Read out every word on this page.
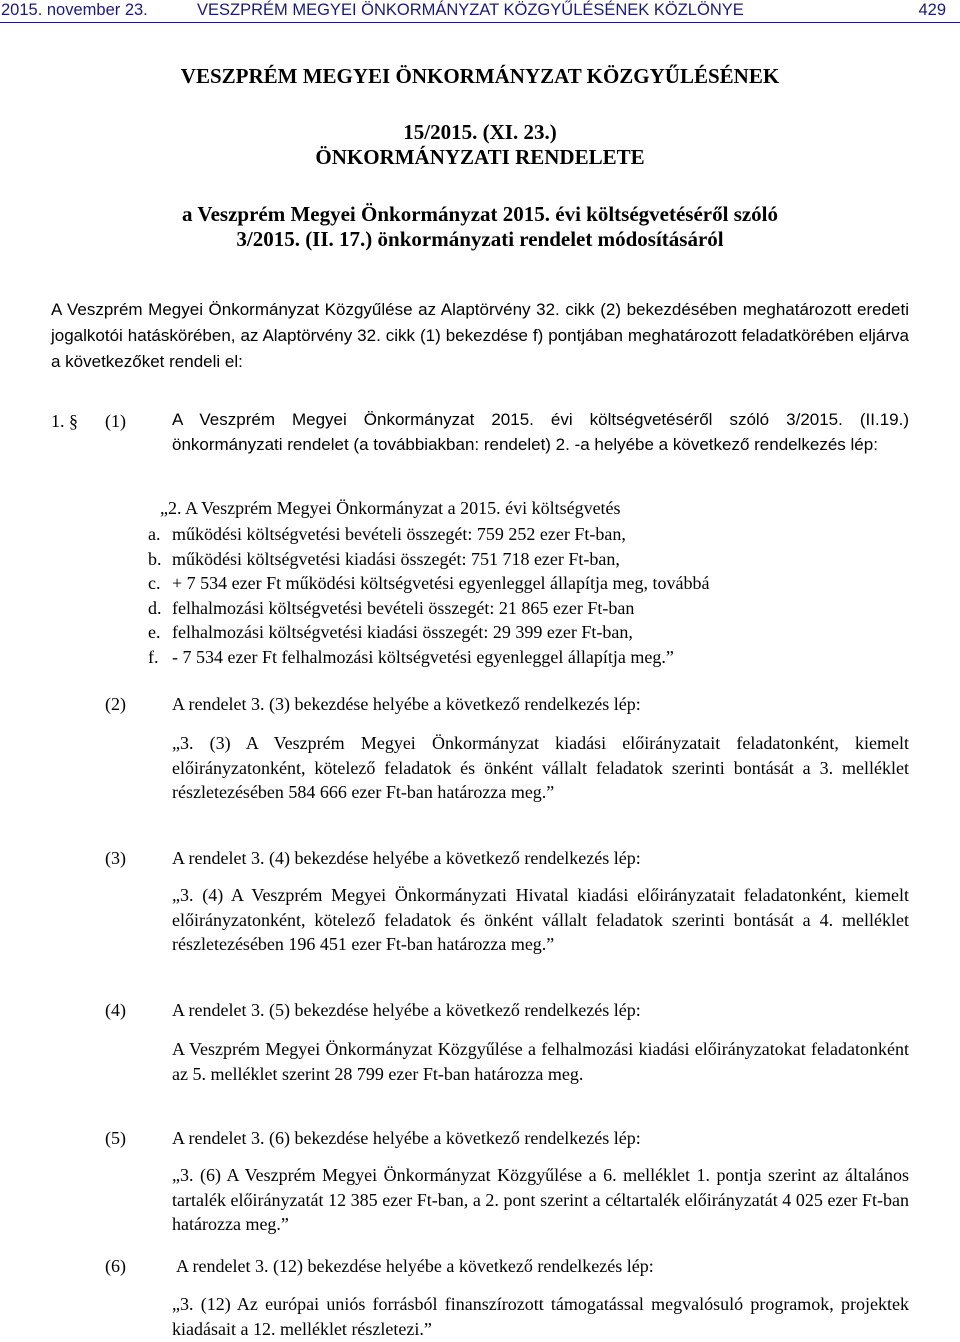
2015. november 23.	VESZPRÉM MEGYEI ÖNKORMÁNYZAT KÖZGYŰLÉSÉNEK KÖZLÖNYE	429
VESZPRÉM MEGYEI ÖNKORMÁNYZAT KÖZGYŰLÉSÉNEK
15/2015. (XI. 23.)
ÖNKORMÁNYZATI RENDELETE
a Veszprém Megyei Önkormányzat 2015. évi költségvetéséről szóló
3/2015. (II. 17.) önkormányzati rendelet módosításáról
A Veszprém Megyei Önkormányzat Közgyűlése az Alaptörvény 32. cikk (2) bekezdésében meghatározott eredeti jogalkotói hatáskörében, az Alaptörvény 32. cikk (1) bekezdése f) pontjában meghatározott feladatkörében eljárva a következőket rendeli el:
1. § (1)	A Veszprém Megyei Önkormányzat 2015. évi költségvetéséről szóló 3/2015. (II.19.) önkormányzati rendelet (a továbbiakban: rendelet) 2. -a helyébe a következő rendelkezés lép:
„2. A Veszprém Megyei Önkormányzat a 2015. évi költségvetés
a. működési költségvetési bevételi összegét: 759 252 ezer Ft-ban,
b. működési költségvetési kiadási összegét: 751 718 ezer Ft-ban,
c. + 7 534 ezer Ft működési költségvetési egyenleggel állapítja meg, továbbá
d. felhalmozási költségvetési bevételi összegét: 21 865 ezer Ft-ban
e. felhalmozási költségvetési kiadási összegét: 29 399 ezer Ft-ban,
f. - 7 534 ezer Ft felhalmozási költségvetési egyenleggel állapítja meg.”
(2)	A rendelet 3. (3) bekezdése helyébe a következő rendelkezés lép:
„3. (3) A Veszprém Megyei Önkormányzat kiadási előirányzatait feladatonként, kiemelt előirányzatonként, kötelező feladatok és önként vállalt feladatok szerinti bontását a 3. melléklet részletezésében 584 666 ezer Ft-ban határozza meg.”
(3)	A rendelet 3. (4) bekezdése helyébe a következő rendelkezés lép:
„3. (4) A Veszprém Megyei Önkormányzati Hivatal kiadási előirányzatait feladatonként, kiemelt előirányzatonként, kötelező feladatok és önként vállalt feladatok szerinti bontását a 4. melléklet részletezésében 196 451 ezer Ft-ban határozza meg.”
(4)	A rendelet 3. (5) bekezdése helyébe a következő rendelkezés lép:
A Veszprém Megyei Önkormányzat Közgyűlése a felhalmozási kiadási előirányzatokat feladatonként az 5. melléklet szerint 28 799 ezer Ft-ban határozza meg.
(5)	A rendelet 3. (6) bekezdése helyébe a következő rendelkezés lép:
„3. (6) A Veszprém Megyei Önkormányzat Közgyűlése a 6. melléklet 1. pontja szerint az általános tartalék előirányzatát 12 385 ezer Ft-ban, a 2. pont szerint a céltartalék előirányzatát 4 025 ezer Ft-ban határozza meg.”
(6)	A rendelet 3. (12) bekezdése helyébe a következő rendelkezés lép:
„3. (12) Az európai uniós forrásból finanszírozott támogatással megvalósuló programok, projektek kiadásait a 12. melléklet részletezi.”
